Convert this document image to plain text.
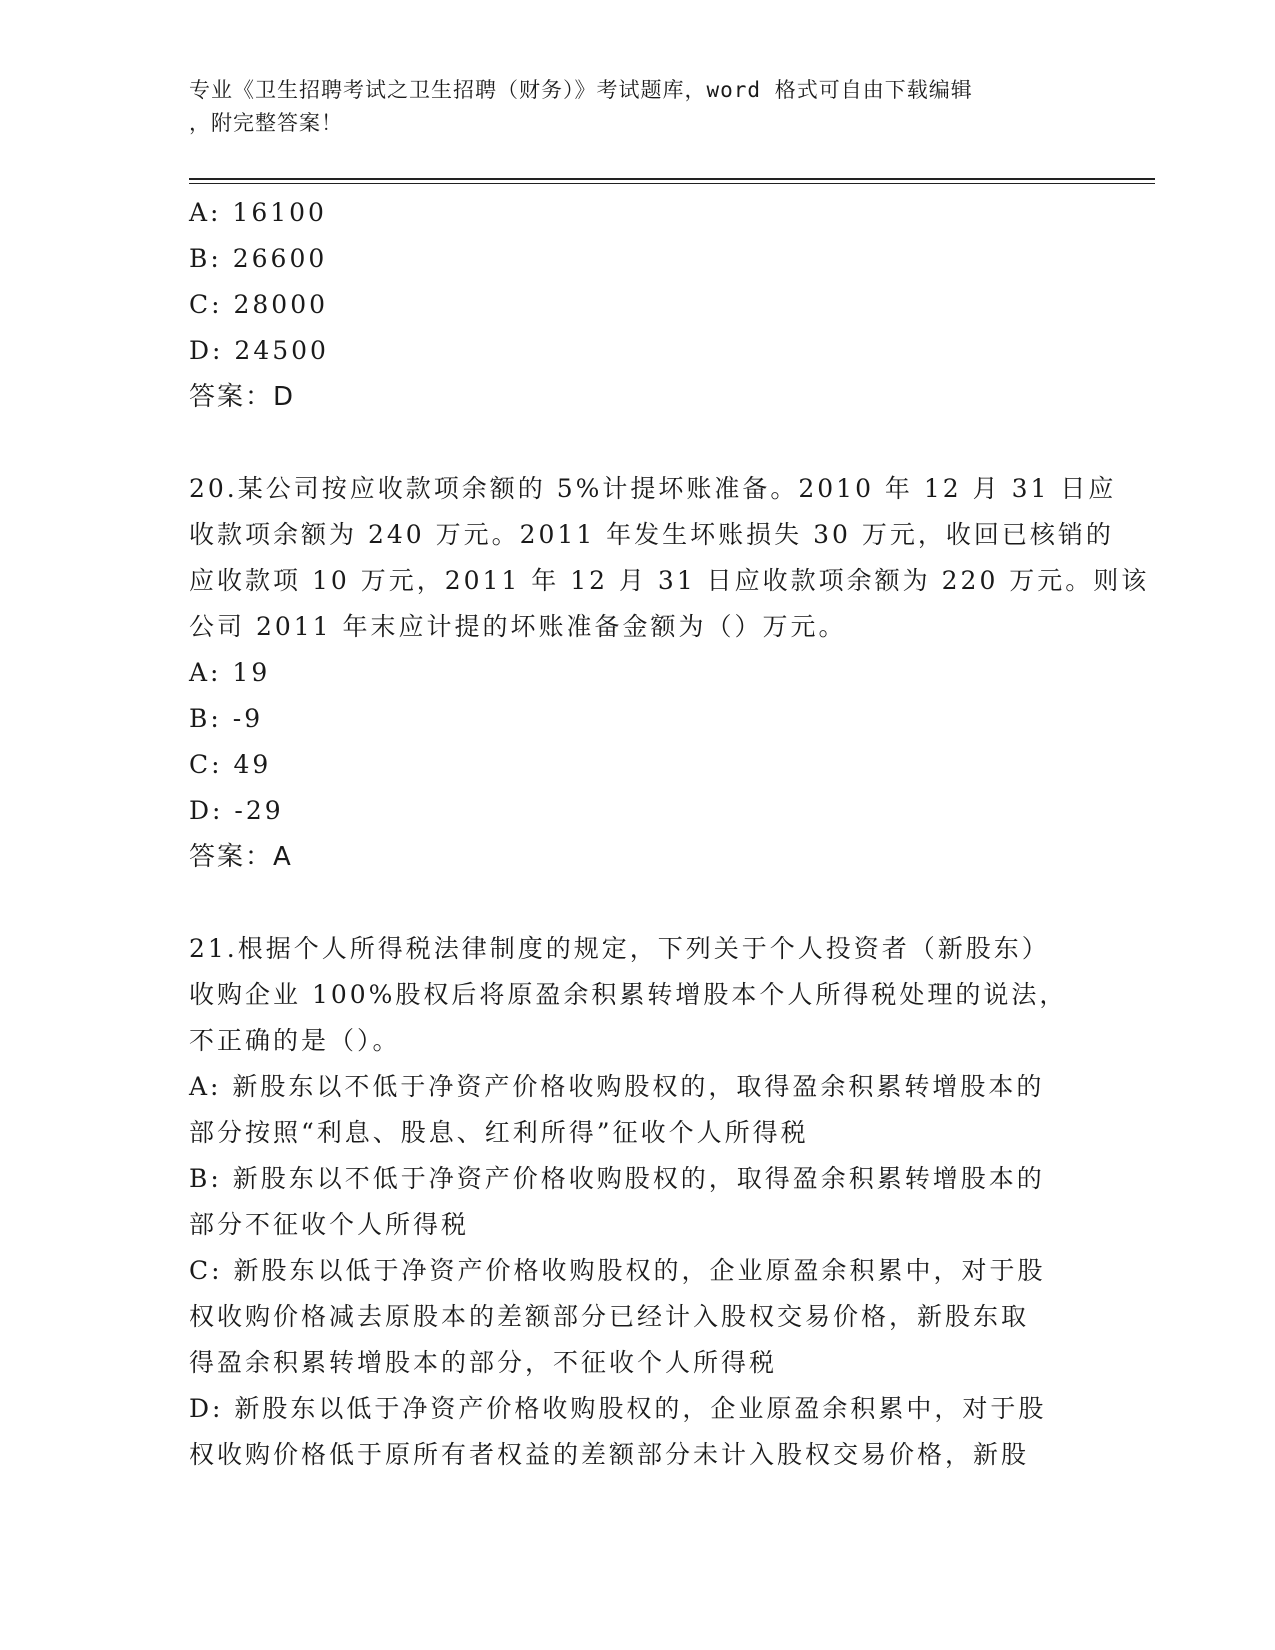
专业《卫生招聘考试之卫生招聘（财务）》考试题库，word 格式可自由下载编辑
，附完整答案！
A: 16100
B: 26600
C: 28000
D: 24500
答案：D
20.某公司按应收款项余额的 5%计提坏账准备。2010 年 12 月 31 日应
收款项余额为 240 万元。2011 年发生坏账损失 30 万元，收回已核销的
应收款项 10 万元，2011 年 12 月 31 日应收款项余额为 220 万元。则该
公司 2011 年末应计提的坏账准备金额为（）万元。
A: 19
B: -9
C: 49
D: -29
答案：A
21.根据个人所得税法律制度的规定，下列关于个人投资者（新股东）
收购企业 100%股权后将原盈余积累转增股本个人所得税处理的说法，
不正确的是（）。
A: 新股东以不低于净资产价格收购股权的，取得盈余积累转增股本的
部分按照“利息、股息、红利所得”征收个人所得税
B: 新股东以不低于净资产价格收购股权的，取得盈余积累转增股本的
部分不征收个人所得税
C: 新股东以低于净资产价格收购股权的，企业原盈余积累中，对于股
权收购价格减去原股本的差额部分已经计入股权交易价格，新股东取
得盈余积累转增股本的部分，不征收个人所得税
D: 新股东以低于净资产价格收购股权的，企业原盈余积累中，对于股
权收购价格低于原所有者权益的差额部分未计入股权交易价格，新股
